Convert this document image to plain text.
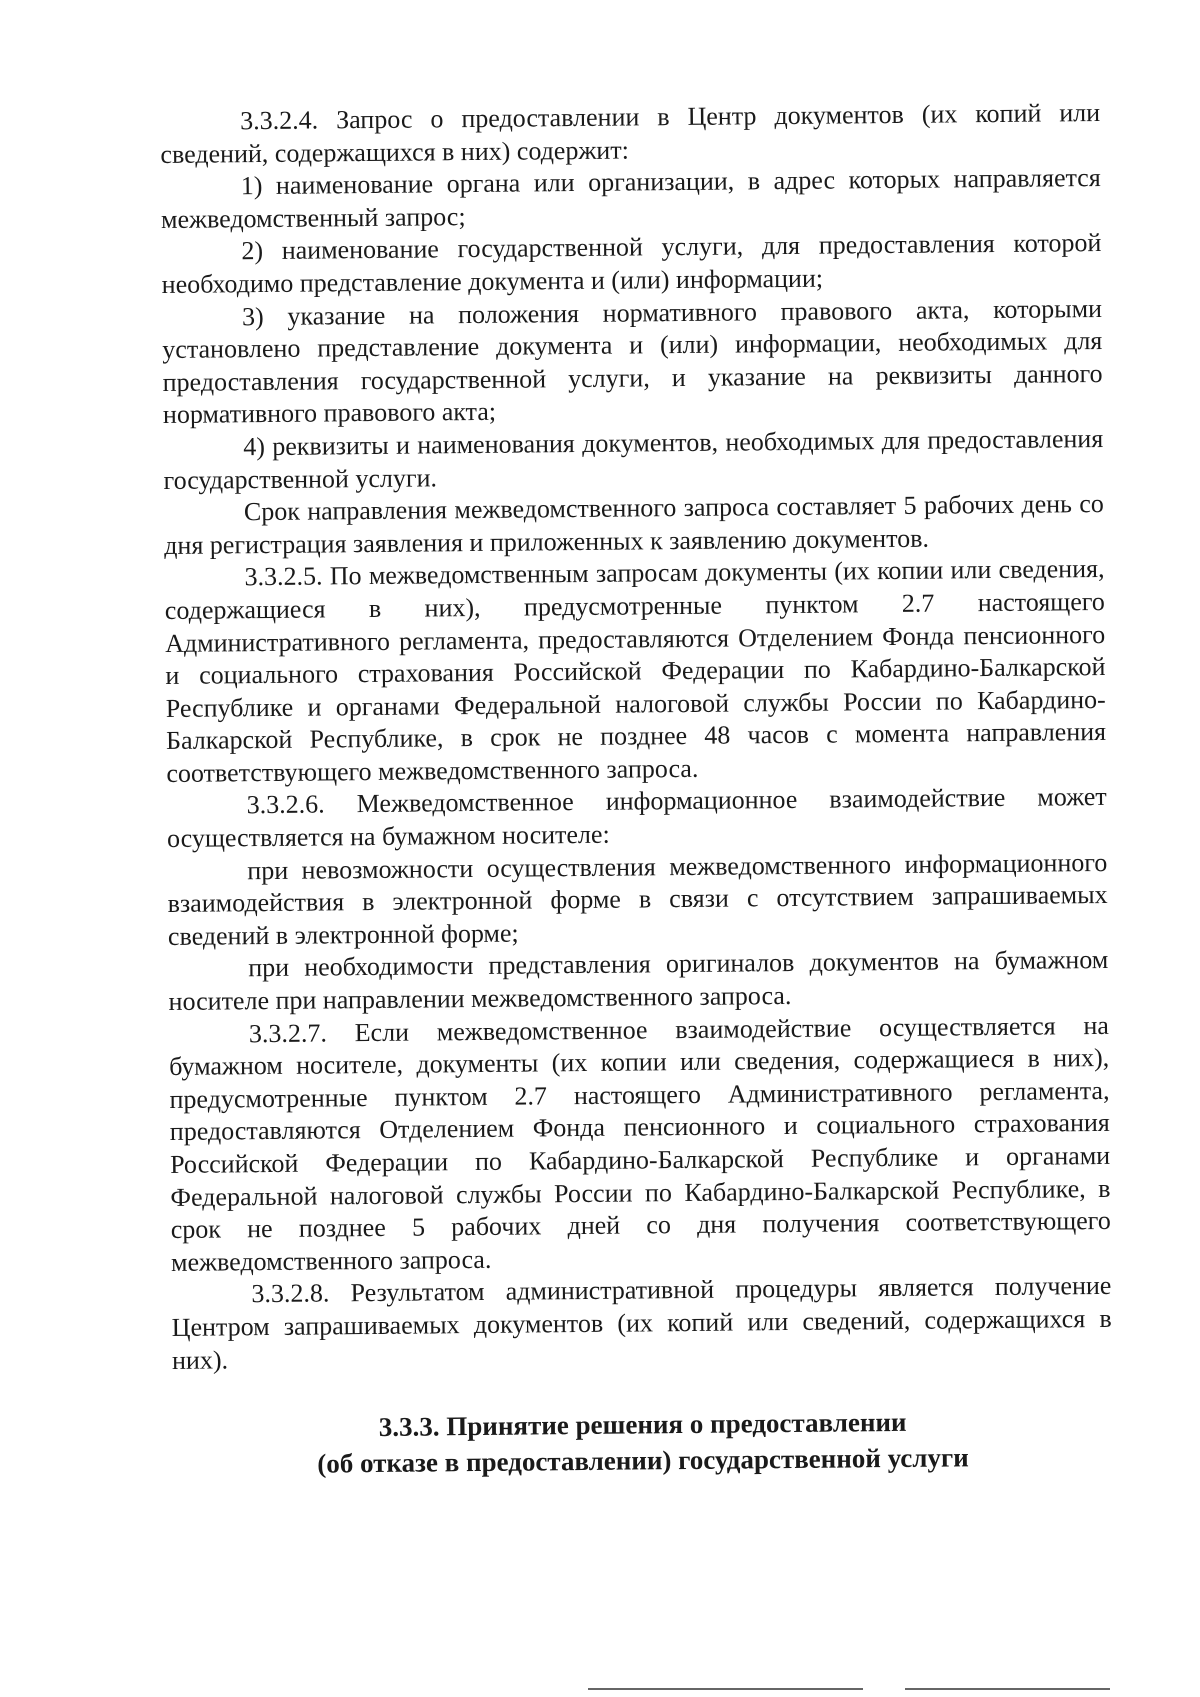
3.3.2.4. Запрос о предоставлении в Центр документов (их копий или сведений, содержащихся в них) содержит:

1) наименование органа или организации, в адрес которых направляется межведомственный запрос;

2) наименование государственной услуги, для предоставления которой необходимо представление документа и (или) информации;

3) указание на положения нормативного правового акта, которыми установлено представление документа и (или) информации, необходимых для предоставления государственной услуги, и указание на реквизиты данного нормативного правового акта;

4) реквизиты и наименования документов, необходимых для предоставления государственной услуги.

Срок направления межведомственного запроса составляет 5 рабочих день со дня регистрация заявления и приложенных к заявлению документов.

3.3.2.5. По межведомственным запросам документы (их копии или сведения, содержащиеся в них), предусмотренные пунктом 2.7 настоящего Административного регламента, предоставляются Отделением Фонда пенсионного и социального страхования Российской Федерации по Кабардино-Балкарской Республике и органами Федеральной налоговой службы России по Кабардино-Балкарской Республике, в срок не позднее 48 часов с момента направления соответствующего межведомственного запроса.

3.3.2.6. Межведомственное информационное взаимодействие может осуществляется на бумажном носителе:

при невозможности осуществления межведомственного информационного взаимодействия в электронной форме в связи с отсутствием запрашиваемых сведений в электронной форме;

при необходимости представления оригиналов документов на бумажном носителе при направлении межведомственного запроса.

3.3.2.7. Если межведомственное взаимодействие осуществляется на бумажном носителе, документы (их копии или сведения, содержащиеся в них), предусмотренные пунктом 2.7 настоящего Административного регламента, предоставляются Отделением Фонда пенсионного и социального страхования Российской Федерации по Кабардино-Балкарской Республике и органами Федеральной налоговой службы России по Кабардино-Балкарской Республике, в срок не позднее 5 рабочих дней со дня получения соответствующего межведомственного запроса.

3.3.2.8. Результатом административной процедуры является получение Центром запрашиваемых документов (их копий или сведений, содержащихся в них).

3.3.3. Принятие решения о предоставлении
(об отказе в предоставлении) государственной услуги
